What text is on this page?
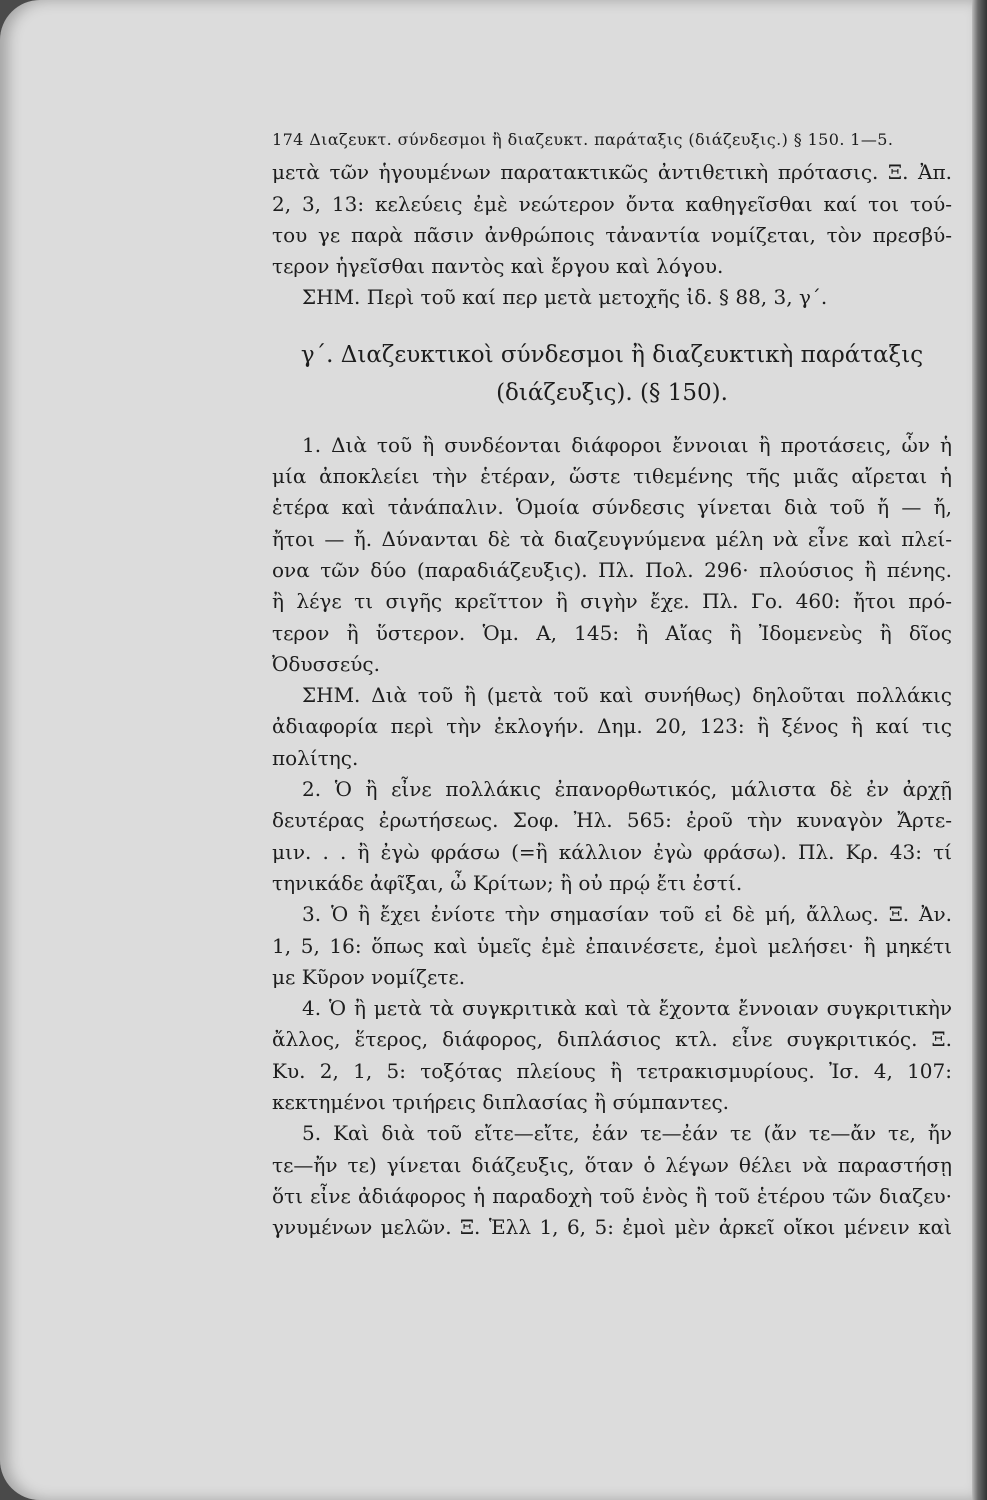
174 Διαζευκτ. σύνδεσμοι ἢ διαζευκτ. παράταξις (διάζευξις.) § 150. 1—5.
μετὰ τῶν ἡγουμένων παρατακτικῶς ἀντιθετικὴ πρότασις. Ξ. Ἀπ.
2, 3, 13: κελεύεις ἐμὲ νεώτερον ὄντα καθηγεῖσθαι καί τοι τού-
του γε παρὰ πᾶσιν ἀνθρώποις τἀναντία νομίζεται, τὸν πρεσβύ-
τερον ἡγεῖσθαι παντὸς καὶ ἔργου καὶ λόγου.
ΣΗΜ. Περὶ τοῦ καί περ μετὰ μετοχῆς ἰδ. § 88, 3, γ΄.
γ΄. Διαζευκτικοὶ σύνδεσμοι ἢ διαζευκτικὴ παράταξις
(διάζευξις). (§ 150).
1. Διὰ τοῦ ἢ συνδέονται διάφοροι ἔννοιαι ἢ προτάσεις, ὧν ἡ
μία ἀποκλείει τὴν ἑτέραν, ὥστε τιθεμένης τῆς μιᾶς αἴρεται ἡ
ἑτέρα καὶ τἀνάπαλιν. Ὁμοία σύνδεσις γίνεται διὰ τοῦ ἤ — ἤ,
ἤτοι — ἤ. Δύνανται δὲ τὰ διαζευγνύμενα μέλη νὰ εἶνε καὶ πλεί-
ονα τῶν δύο (παραδιάζευξις). Πλ. Πολ. 296· πλούσιος ἢ πένης.
ἢ λέγε τι σιγῆς κρεῖττον ἢ σιγὴν ἔχε. Πλ. Γο. 460: ἤτοι πρό-
τερον ἢ ὕστερον. Ὁμ. Α, 145: ἢ Αἴας ἢ Ἰδομενεὺς ἢ δῖος
Ὀδυσσεύς.
ΣΗΜ. Διὰ τοῦ ἢ (μετὰ τοῦ καὶ συνήθως) δηλοῦται πολλάκις
ἀδιαφορία περὶ τὴν ἐκλογήν. Δημ. 20, 123: ἢ ξένος ἢ καί τις
πολίτης.
2. Ὁ ἢ εἶνε πολλάκις ἐπανορθωτικός, μάλιστα δὲ ἐν ἀρχῇ
δευτέρας ἐρωτήσεως. Σοφ. Ἠλ. 565: ἐροῦ τὴν κυναγὸν Ἄρτε-
μιν. . . ἢ ἐγὼ φράσω (=ἢ κάλλιον ἐγὼ φράσω). Πλ. Κρ. 43: τί
τηνικάδε ἀφῖξαι, ὦ Κρίτων; ἢ οὐ πρῴ ἔτι ἐστί.
3. Ὁ ἢ ἔχει ἐνίοτε τὴν σημασίαν τοῦ εἰ δὲ μή, ἄλλως. Ξ. Ἀν.
1, 5, 16: ὅπως καὶ ὑμεῖς ἐμὲ ἐπαινέσετε, ἐμοὶ μελήσει· ἢ μηκέτι
με Κῦρον νομίζετε.
4. Ὁ ἢ μετὰ τὰ συγκριτικὰ καὶ τὰ ἔχοντα ἔννοιαν συγκριτικὴν
ἄλλος, ἕτερος, διάφορος, διπλάσιος κτλ. εἶνε συγκριτικός. Ξ.
Κυ. 2, 1, 5: τοξότας πλείους ἢ τετρακισμυρίους. Ἰσ. 4, 107:
κεκτημένοι τριήρεις διπλασίας ἢ σύμπαντες.
5. Καὶ διὰ τοῦ εἴτε—εἴτε, ἐάν τε—ἐάν τε (ἄν τε—ἄν τε, ἤν
τε—ἤν τε) γίνεται διάζευξις, ὅταν ὁ λέγων θέλει νὰ παραστήσῃ
ὅτι εἶνε ἀδιάφορος ἡ παραδοχὴ τοῦ ἑνὸς ἢ τοῦ ἑτέρου τῶν διαζευ·
γνυμένων μελῶν. Ξ. Ἑλλ 1, 6, 5: ἐμοὶ μὲν ἀρκεῖ οἴκοι μένειν καὶ
